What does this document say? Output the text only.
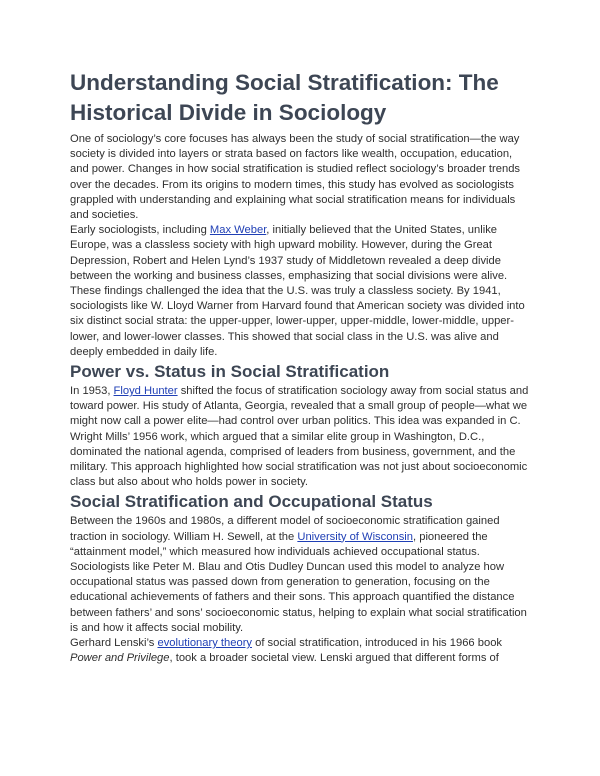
Understanding Social Stratification: The Historical Divide in Sociology

One of sociology’s core focuses has always been the study of social stratification—the way society is divided into layers or strata based on factors like wealth, occupation, education, and power. Changes in how social stratification is studied reflect sociology’s broader trends over the decades. From its origins to modern times, this study has evolved as sociologists grappled with understanding and explaining what social stratification means for individuals and societies.

Early sociologists, including Max Weber, initially believed that the United States, unlike Europe, was a classless society with high upward mobility. However, during the Great Depression, Robert and Helen Lynd’s 1937 study of Middletown revealed a deep divide between the working and business classes, emphasizing that social divisions were alive. These findings challenged the idea that the U.S. was truly a classless society. By 1941, sociologists like W. Lloyd Warner from Harvard found that American society was divided into six distinct social strata: the upper-upper, lower-upper, upper-middle, lower-middle, upper-lower, and lower-lower classes. This showed that social class in the U.S. was alive and deeply embedded in daily life.

Power vs. Status in Social Stratification

In 1953, Floyd Hunter shifted the focus of stratification sociology away from social status and toward power. His study of Atlanta, Georgia, revealed that a small group of people—what we might now call a power elite—had control over urban politics. This idea was expanded in C. Wright Mills’ 1956 work, which argued that a similar elite group in Washington, D.C., dominated the national agenda, comprised of leaders from business, government, and the military. This approach highlighted how social stratification was not just about socioeconomic class but also about who holds power in society.

Social Stratification and Occupational Status

Between the 1960s and 1980s, a different model of socioeconomic stratification gained traction in sociology. William H. Sewell, at the University of Wisconsin, pioneered the “attainment model,” which measured how individuals achieved occupational status. Sociologists like Peter M. Blau and Otis Dudley Duncan used this model to analyze how occupational status was passed down from generation to generation, focusing on the educational achievements of fathers and their sons. This approach quantified the distance between fathers’ and sons’ socioeconomic status, helping to explain what social stratification is and how it affects social mobility.

Gerhard Lenski’s evolutionary theory of social stratification, introduced in his 1966 book Power and Privilege, took a broader societal view. Lenski argued that different forms of
